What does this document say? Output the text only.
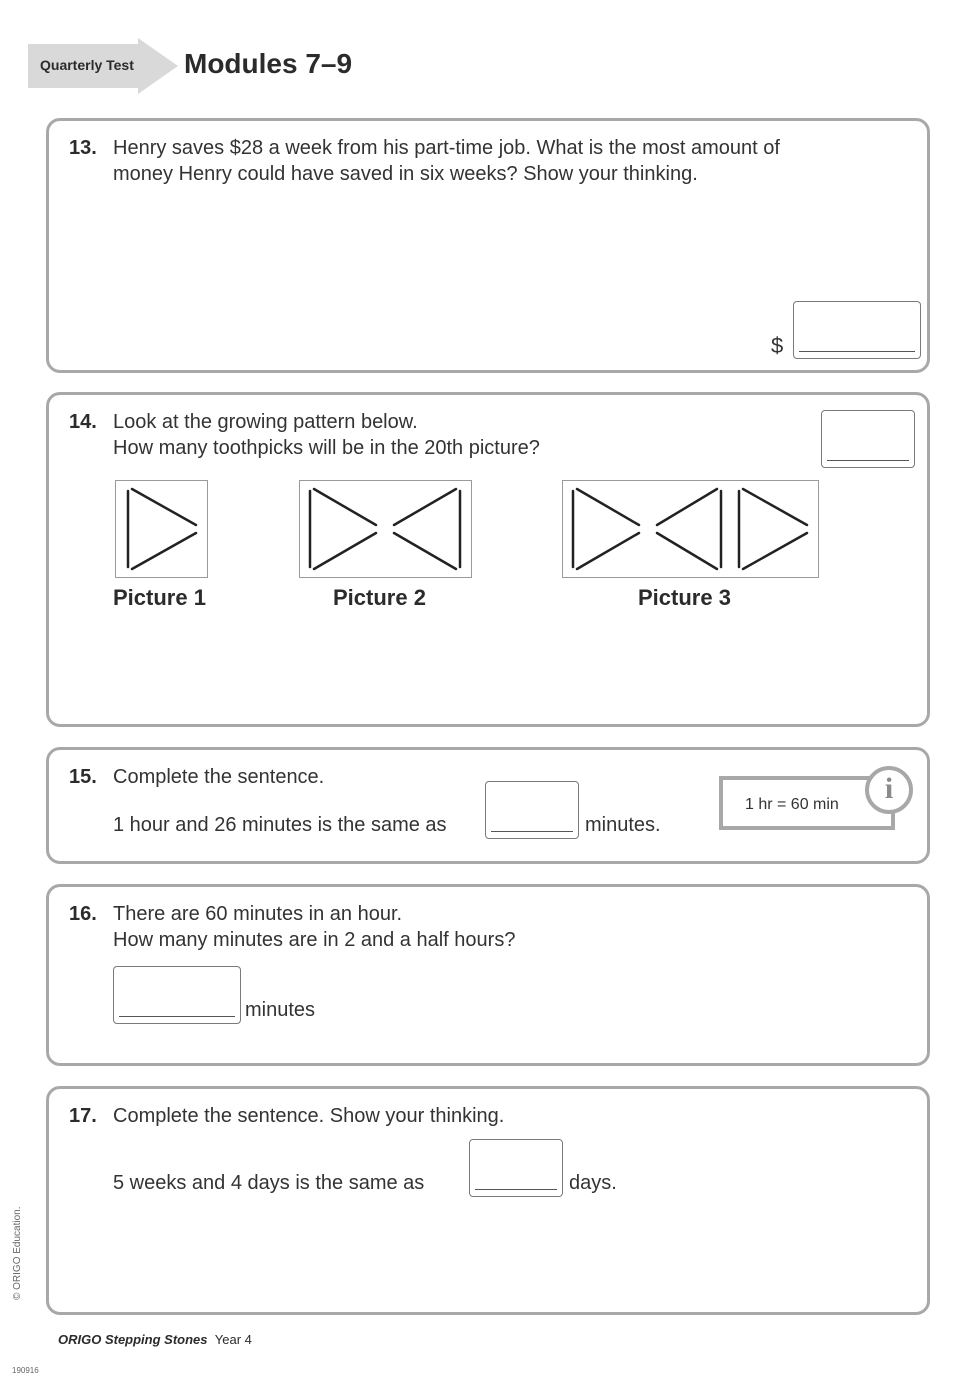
Quarterly Test Modules 7–9
13. Henry saves $28 a week from his part-time job. What is the most amount of
money Henry could have saved in six weeks? Show your thinking.
$
14. Look at the growing pattern below.
How many toothpicks will be in the 20th picture?
Picture 1	Picture 2	Picture 3
15. Complete the sentence.
1 hour and 26 minutes is the same as	minutes.
1 hr = 60 min	i
16. There are 60 minutes in an hour.
How many minutes are in 2 and a half hours?
minutes
17. Complete the sentence. Show your thinking.
5 weeks and 4 days is the same as	days.
ORIGO Stepping Stones Year 4
© ORIGO Education.
190916
